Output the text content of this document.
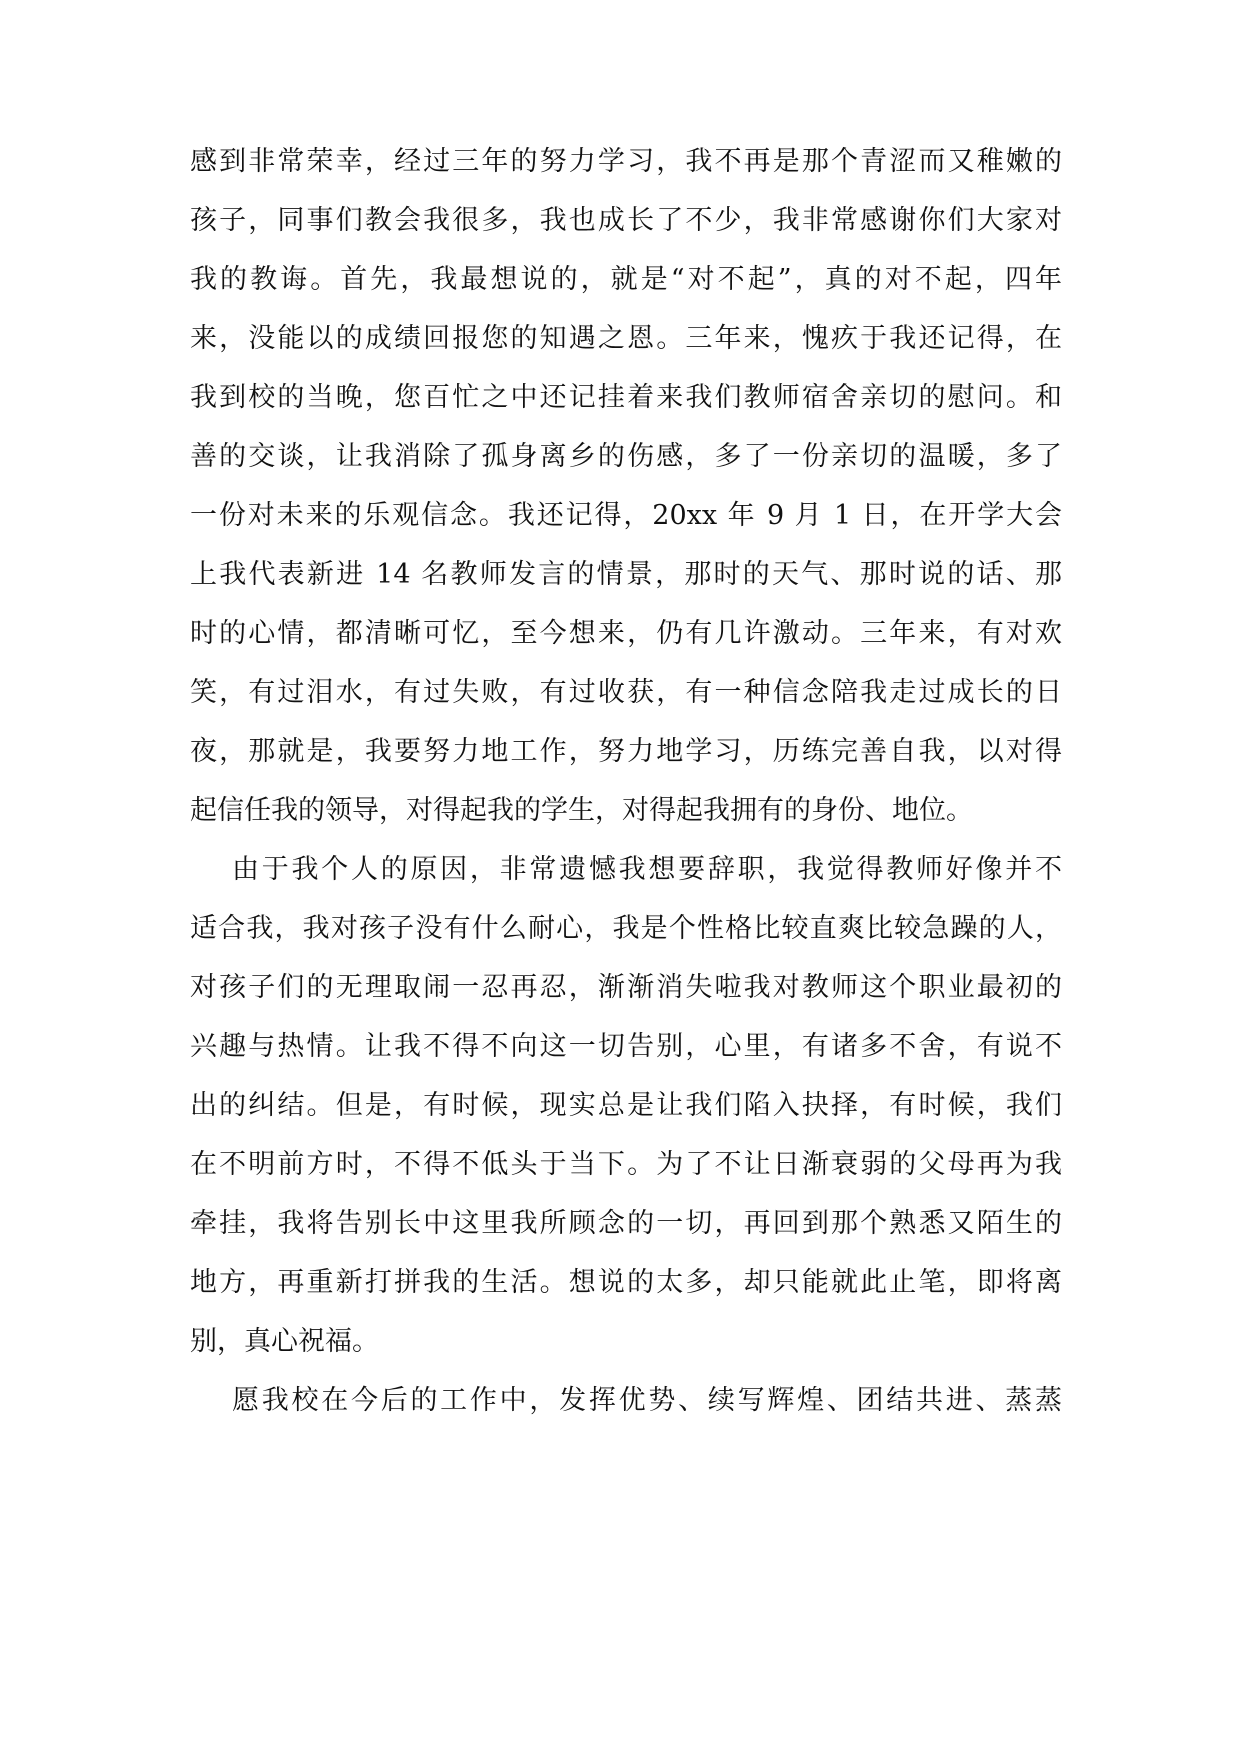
感到非常荣幸，经过三年的努力学习，我不再是那个青涩而又稚嫩的
孩子，同事们教会我很多，我也成长了不少，我非常感谢你们大家对
我的教诲。首先，我最想说的，就是“对不起”，真的对不起，四年
来，没能以的成绩回报您的知遇之恩。三年来，愧疚于我还记得，在
我到校的当晚，您百忙之中还记挂着来我们教师宿舍亲切的慰问。和
善的交谈，让我消除了孤身离乡的伤感，多了一份亲切的温暖，多了
一份对未来的乐观信念。我还记得，20xx 年 9 月 1 日，在开学大会
上我代表新进 14 名教师发言的情景，那时的天气、那时说的话、那
时的心情，都清晰可忆，至今想来，仍有几许激动。三年来，有对欢
笑，有过泪水，有过失败，有过收获，有一种信念陪我走过成长的日
夜，那就是，我要努力地工作，努力地学习，历练完善自我，以对得
起信任我的领导，对得起我的学生，对得起我拥有的身份、地位。
由于我个人的原因，非常遗憾我想要辞职，我觉得教师好像并不
适合我，我对孩子没有什么耐心，我是个性格比较直爽比较急躁的人，
对孩子们的无理取闹一忍再忍，渐渐消失啦我对教师这个职业最初的
兴趣与热情。让我不得不向这一切告别，心里，有诸多不舍，有说不
出的纠结。但是，有时候，现实总是让我们陷入抉择，有时候，我们
在不明前方时，不得不低头于当下。为了不让日渐衰弱的父母再为我
牵挂，我将告别长中这里我所顾念的一切，再回到那个熟悉又陌生的
地方，再重新打拼我的生活。想说的太多，却只能就此止笔，即将离
别，真心祝福。
愿我校在今后的工作中，发挥优势、续写辉煌、团结共进、蒸蒸
